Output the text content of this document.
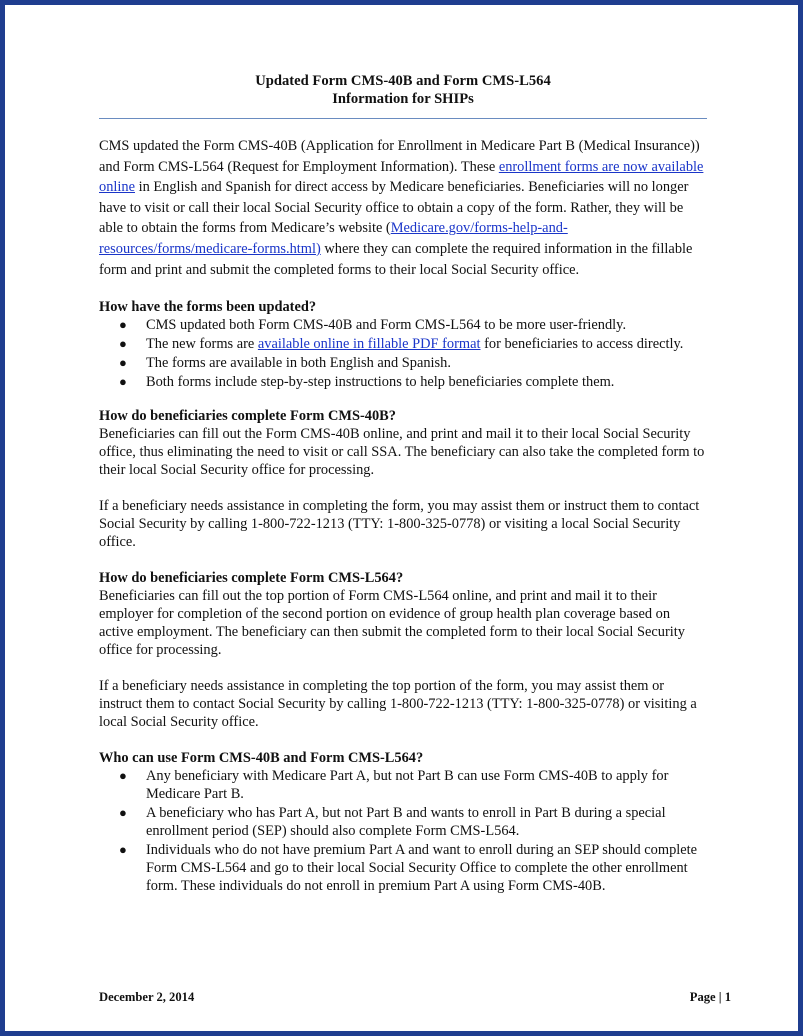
Updated Form CMS-40B and Form CMS-L564
Information for SHIPs

CMS updated the Form CMS-40B (Application for Enrollment in Medicare Part B (Medical Insurance)) and Form CMS-L564 (Request for Employment Information). These enrollment forms are now available online in English and Spanish for direct access by Medicare beneficiaries. Beneficiaries will no longer have to visit or call their local Social Security office to obtain a copy of the form. Rather, they will be able to obtain the forms from Medicare’s website (Medicare.gov/forms-help-and-resources/forms/medicare-forms.html) where they can complete the required information in the fillable form and print and submit the completed forms to their local Social Security office.

How have the forms been updated?
● CMS updated both Form CMS-40B and Form CMS-L564 to be more user-friendly.
● The new forms are available online in fillable PDF format for beneficiaries to access directly.
● The forms are available in both English and Spanish.
● Both forms include step-by-step instructions to help beneficiaries complete them.
How do beneficiaries complete Form CMS-40B?

Beneficiaries can fill out the Form CMS-40B online, and print and mail it to their local Social Security office, thus eliminating the need to visit or call SSA. The beneficiary can also take the completed form to their local Social Security office for processing.

If a beneficiary needs assistance in completing the form, you may assist them or instruct them to contact Social Security by calling 1-800-722-1213 (TTY: 1-800-325-0778) or visiting a local Social Security office.

How do beneficiaries complete Form CMS-L564?

Beneficiaries can fill out the top portion of Form CMS-L564 online, and print and mail it to their employer for completion of the second portion on evidence of group health plan coverage based on active employment. The beneficiary can then submit the completed form to their local Social Security office for processing.

If a beneficiary needs assistance in completing the top portion of the form, you may assist them or instruct them to contact Social Security by calling 1-800-722-1213 (TTY: 1-800-325-0778) or visiting a local Social Security office.

Who can use Form CMS-40B and Form CMS-L564?
● Any beneficiary with Medicare Part A, but not Part B can use Form CMS-40B to apply for Medicare Part B.
● A beneficiary who has Part A, but not Part B and wants to enroll in Part B during a special enrollment period (SEP) should also complete Form CMS-L564.
● Individuals who do not have premium Part A and want to enroll during an SEP should complete Form CMS-L564 and go to their local Social Security Office to complete the other enrollment form. These individuals do not enroll in premium Part A using Form CMS-40B.
December 2, 2014	Page | 1
